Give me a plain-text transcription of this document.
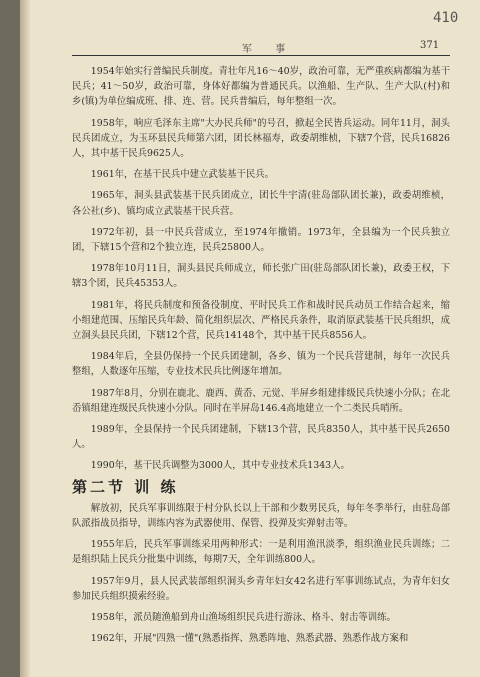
410
军 事	371

1954年始实行普编民兵制度。青壮年凡16～40岁，政治可靠，无严重疾病都编为基干民兵；41～50岁，政治可靠，身体好都编为普通民兵。以渔船、生产队、生产大队(村)和乡(镇)为单位编成班、排、连、营。民兵普编后，每年整组一次。

1958年，响应毛泽东主席"大办民兵师"的号召，掀起全民皆兵运动。同年11月，洞头民兵团成立，为玉环县民兵师第六团，团长林福寿，政委胡维桢，下辖7个营，民兵16826人，其中基干民兵9625人。

1961年，在基干民兵中建立武装基干民兵。

1965年，洞头县武装基干民兵团成立，团长牛宇清(驻岛部队团长兼)，政委胡维桢，各公社(乡)、镇均成立武装基干民兵营。

1972年初，县一中民兵营成立，至1974年撤销。1973年，全县编为一个民兵独立团，下辖15个营和2个独立连，民兵25800人。

1978年10月11日，洞头县民兵师成立，师长张广田(驻岛部队团长兼)，政委王权，下辖3个团，民兵45353人。

1981年，将民兵制度和预备役制度、平时民兵工作和战时民兵动员工作结合起来，缩小组建范围、压缩民兵年龄、简化组织层次、严格民兵条件，取消原武装基干民兵组织，成立洞头县民兵团，下辖12个营，民兵14148个，其中基干民兵8556人。

1984年后，全县仍保持一个民兵团建制，各乡、镇为一个民兵营建制，每年一次民兵整组，人数逐年压缩，专业技术民兵比例逐年增加。

1987年8月，分别在鹿北、鹿西、黄岙、元觉、半屏乡组建排级民兵快速小分队；在北岙镇组建连级民兵快速小分队。同时在半屏岛146.4高地建立一个二类民兵哨所。

1989年，全县保持一个民兵团建制，下辖13个营，民兵8350人，其中基干民兵2650人。

1990年，基干民兵调整为3000人，其中专业技术兵1343人。

第二节 训 练

解放初，民兵军事训练限于村分队长以上干部和少数男民兵，每年冬季举行，由驻岛部队派指战员指导，训练内容为武器使用、保管、投弹及实弹射击等。

1955年后，民兵军事训练采用两种形式：一是利用渔汛淡季，组织渔业民兵训练；二是组织陆上民兵分批集中训练，每期7天，全年训练800人。

1957年9月，县人民武装部组织洞头乡青年妇女42名进行军事训练试点，为青年妇女参加民兵组织摸索经验。

1958年，派员随渔船到舟山渔场组织民兵进行游泳、格斗、射击等训练。

1962年，开展"四熟一懂"(熟悉指挥、熟悉阵地、熟悉武器、熟悉作战方案和
